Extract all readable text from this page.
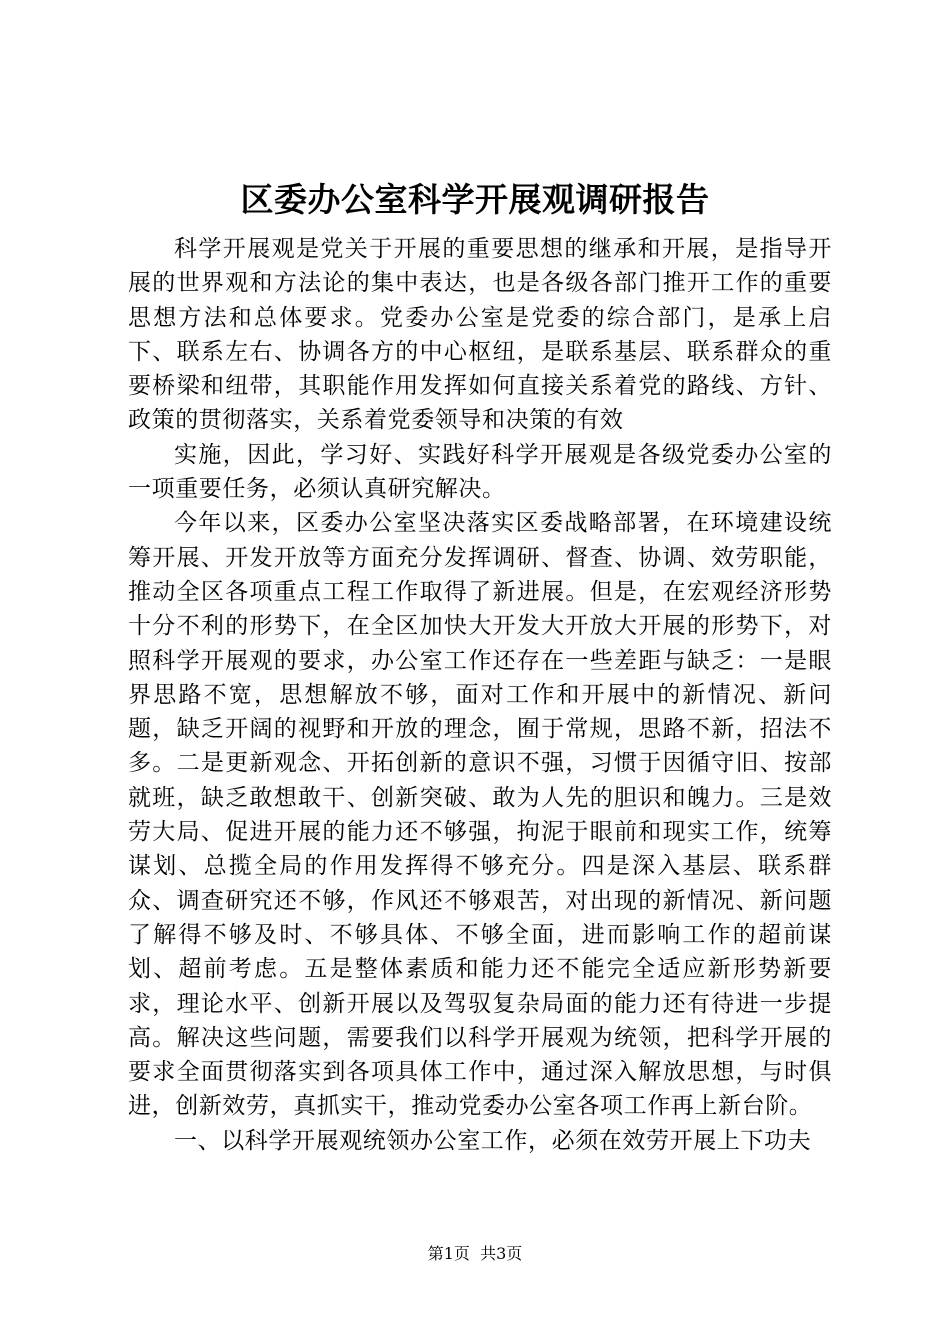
区委办公室科学开展观调研报告

科学开展观是党关于开展的重要思想的继承和开展，是指导开展的世界观和方法论的集中表达，也是各级各部门推开工作的重要思想方法和总体要求。党委办公室是党委的综合部门，是承上启下、联系左右、协调各方的中心枢纽，是联系基层、联系群众的重要桥梁和纽带，其职能作用发挥如何直接关系着党的路线、方针、政策的贯彻落实，关系着党委领导和决策的有效

实施，因此，学习好、实践好科学开展观是各级党委办公室的一项重要任务，必须认真研究解决。

今年以来，区委办公室坚决落实区委战略部署，在环境建设统筹开展、开发开放等方面充分发挥调研、督查、协调、效劳职能，推动全区各项重点工程工作取得了新进展。但是，在宏观经济形势十分不利的形势下，在全区加快大开发大开放大开展的形势下，对照科学开展观的要求，办公室工作还存在一些差距与缺乏：一是眼界思路不宽，思想解放不够，面对工作和开展中的新情况、新问题，缺乏开阔的视野和开放的理念，囿于常规，思路不新，招法不多。二是更新观念、开拓创新的意识不强，习惯于因循守旧、按部就班，缺乏敢想敢干、创新突破、敢为人先的胆识和魄力。三是效劳大局、促进开展的能力还不够强，拘泥于眼前和现实工作，统筹谋划、总揽全局的作用发挥得不够充分。四是深入基层、联系群众、调查研究还不够，作风还不够艰苦，对出现的新情况、新问题了解得不够及时、不够具体、不够全面，进而影响工作的超前谋划、超前考虑。五是整体素质和能力还不能完全适应新形势新要求，理论水平、创新开展以及驾驭复杂局面的能力还有待进一步提高。解决这些问题，需要我们以科学开展观为统领，把科学开展的要求全面贯彻落实到各项具体工作中，通过深入解放思想，与时俱进，创新效劳，真抓实干，推动党委办公室各项工作再上新台阶。

一、以科学开展观统领办公室工作，必须在效劳开展上下功夫

第1页 共3页
